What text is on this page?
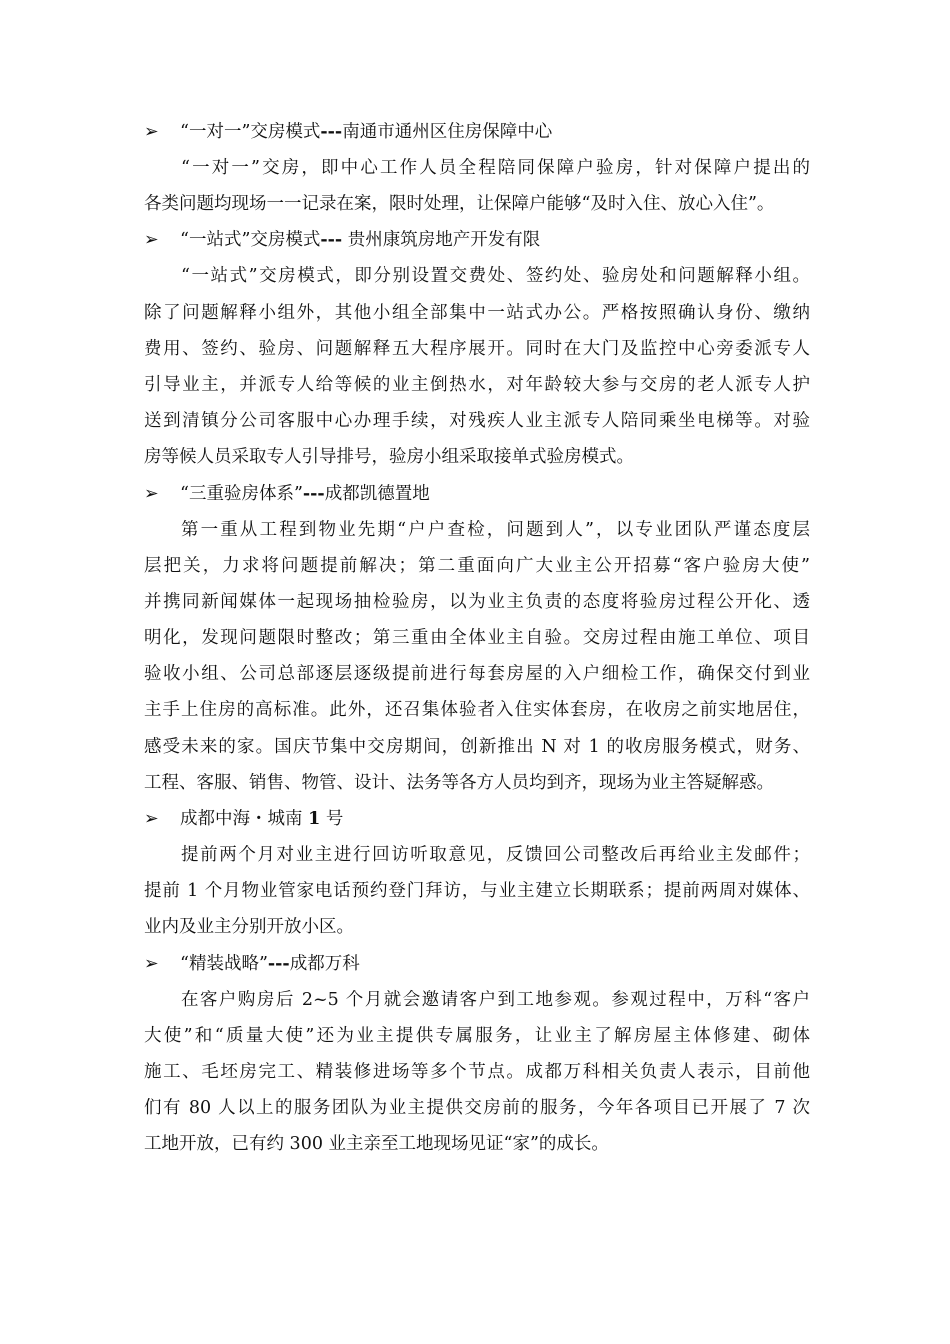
➢	“一对一”交房模式---南通市通州区住房保障中心
“一对一”交房，即中心工作人员全程陪同保障户验房，针对保障户提出的
各类问题均现场一一记录在案，限时处理，让保障户能够“及时入住、放心入住”。
➢	“一站式”交房模式--- 贵州康筑房地产开发有限
“一站式”交房模式，即分别设置交费处、签约处、验房处和问题解释小组。
除了问题解释小组外，其他小组全部集中一站式办公。严格按照确认身份、缴纳
费用、签约、验房、问题解释五大程序展开。同时在大门及监控中心旁委派专人
引导业主，并派专人给等候的业主倒热水，对年龄较大参与交房的老人派专人护
送到清镇分公司客服中心办理手续，对残疾人业主派专人陪同乘坐电梯等。对验
房等候人员采取专人引导排号，验房小组采取接单式验房模式。
➢	“三重验房体系”---成都凯德置地
第一重从工程到物业先期“户户查检，问题到人”，以专业团队严谨态度层
层把关，力求将问题提前解决；第二重面向广大业主公开招募“客户验房大使”
并携同新闻媒体一起现场抽检验房，以为业主负责的态度将验房过程公开化、透
明化，发现问题限时整改；第三重由全体业主自验。交房过程由施工单位、项目
验收小组、公司总部逐层逐级提前进行每套房屋的入户细检工作，确保交付到业
主手上住房的高标准。此外，还召集体验者入住实体套房，在收房之前实地居住，
感受未来的家。国庆节集中交房期间，创新推出 N 对 1 的收房服务模式，财务、
工程、客服、销售、物管、设计、法务等各方人员均到齐，现场为业主答疑解惑。
➢	成都中海・城南 1 号
提前两个月对业主进行回访听取意见，反馈回公司整改后再给业主发邮件；
提前 1 个月物业管家电话预约登门拜访，与业主建立长期联系；提前两周对媒体、
业内及业主分别开放小区。
➢	“精装战略”---成都万科
在客户购房后 2~5 个月就会邀请客户到工地参观。参观过程中，万科“客户
大使”和“质量大使”还为业主提供专属服务，让业主了解房屋主体修建、砌体
施工、毛坯房完工、精装修进场等多个节点。成都万科相关负责人表示，目前他
们有 80 人以上的服务团队为业主提供交房前的服务，今年各项目已开展了 7 次
工地开放，已有约 300 业主亲至工地现场见证“家”的成长。
